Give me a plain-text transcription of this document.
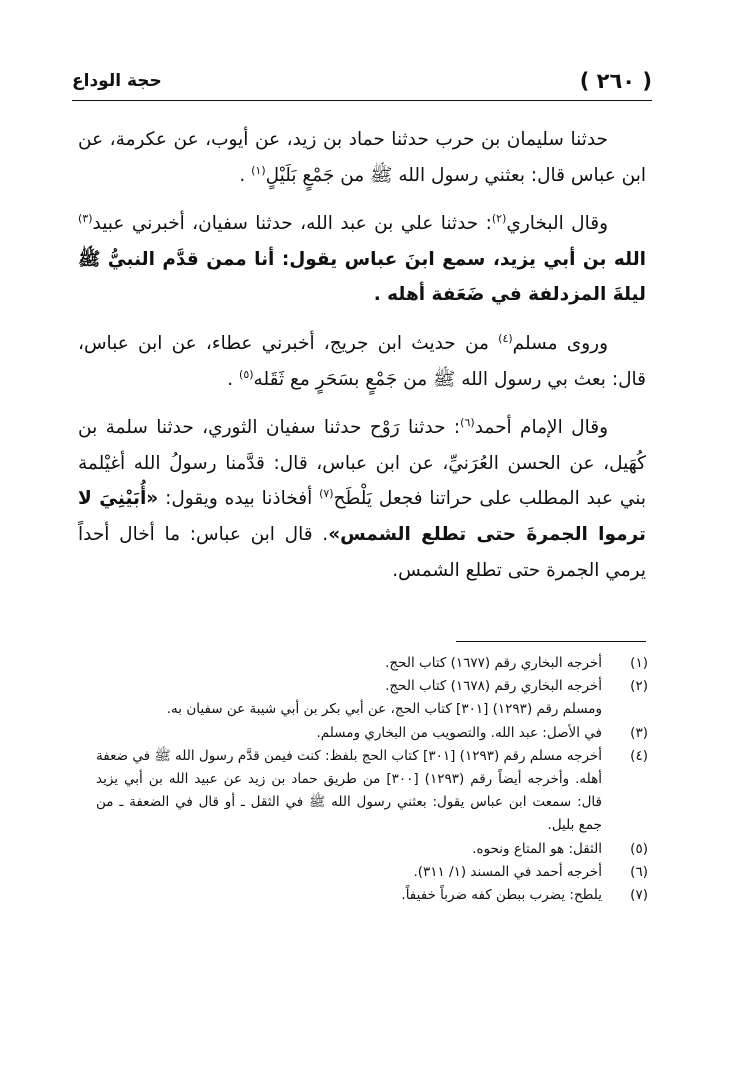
( ٢٦٠ )
حجة الوداع

حدثنا سليمان بن حرب حدثنا حماد بن زيد، عن أيوب، عن عكرمة، عن ابن عباس قال: بعثني رسول الله ﷺ من جَمْعٍ بَلَيْلٍ$^{(١)}$ .

وقال البخاري$^{(٢)}$: حدثنا علي بن عبد الله، حدثنا سفيان، أخبرني عبيد$^{(٣)}$ الله بن أبي يزيد، سمع ابنَ عباس يقول: أنا ممن قدَّم النبيُّ ﷺ ليلةَ المزدلفة في ضَعَفة أهله .

وروى مسلم$^{(٤)}$ من حديث ابن جريج، أخبرني عطاء، عن ابن عباس، قال: بعث بي رسول الله ﷺ من جَمْعٍ بسَحَرٍ مع ثَقَله$^{(٥)}$ .

وقال الإمام أحمد$^{(٦)}$: حدثنا رَوْح حدثنا سفيان الثوري، حدثنا سلمة بن كُهَيل، عن الحسن العُرَنيِّ، عن ابن عباس، قال: قدَّمنا رسولُ الله أغيْلمة بني عبد المطلب على حراتنا فجعل يَلْطَح$^{(٧)}$ أفخاذنا بيده ويقول: «أُبَيْنِيَ لا ترموا الجمرةَ حتى تطلع الشمس». قال ابن عباس: ما أخال أحداً يرمي الجمرة حتى تطلع الشمس.

(١)
أخرجه البخاري رقم (١٦٧٧) كتاب الحج.
(٢)
أخرجه البخاري رقم (١٦٧٨) كتاب الحج.
ومسلم رقم (١٢٩٣) [٣٠١] كتاب الحج، عن أبي بكر بن أبي شيبة عن سفيان به.
(٣)
في الأصل: عبد الله. والتصويب من البخاري ومسلم.
(٤)
أخرجه مسلم رقم (١٢٩٣) [٣٠١] كتاب الحج بلفظ: كنت فيمن قدَّم رسول الله ﷺ في ضعفة أهله. وأخرجه أيضاً رقم (١٢٩٣) [٣٠٠] من طريق حماد بن زيد عن عبيد الله بن أبي يزيد قال: سمعت ابن عباس يقول: بعثني رسول الله ﷺ في الثقل ـ أو قال في الضعفة ـ من جمع بليل.
(٥)
الثقل: هو المتاع ونحوه.
(٦)
أخرجه أحمد في المسند (١/ ٣١١).
(٧)
يلطح: يضرب ببطن كفه ضرباً خفيفاً.
